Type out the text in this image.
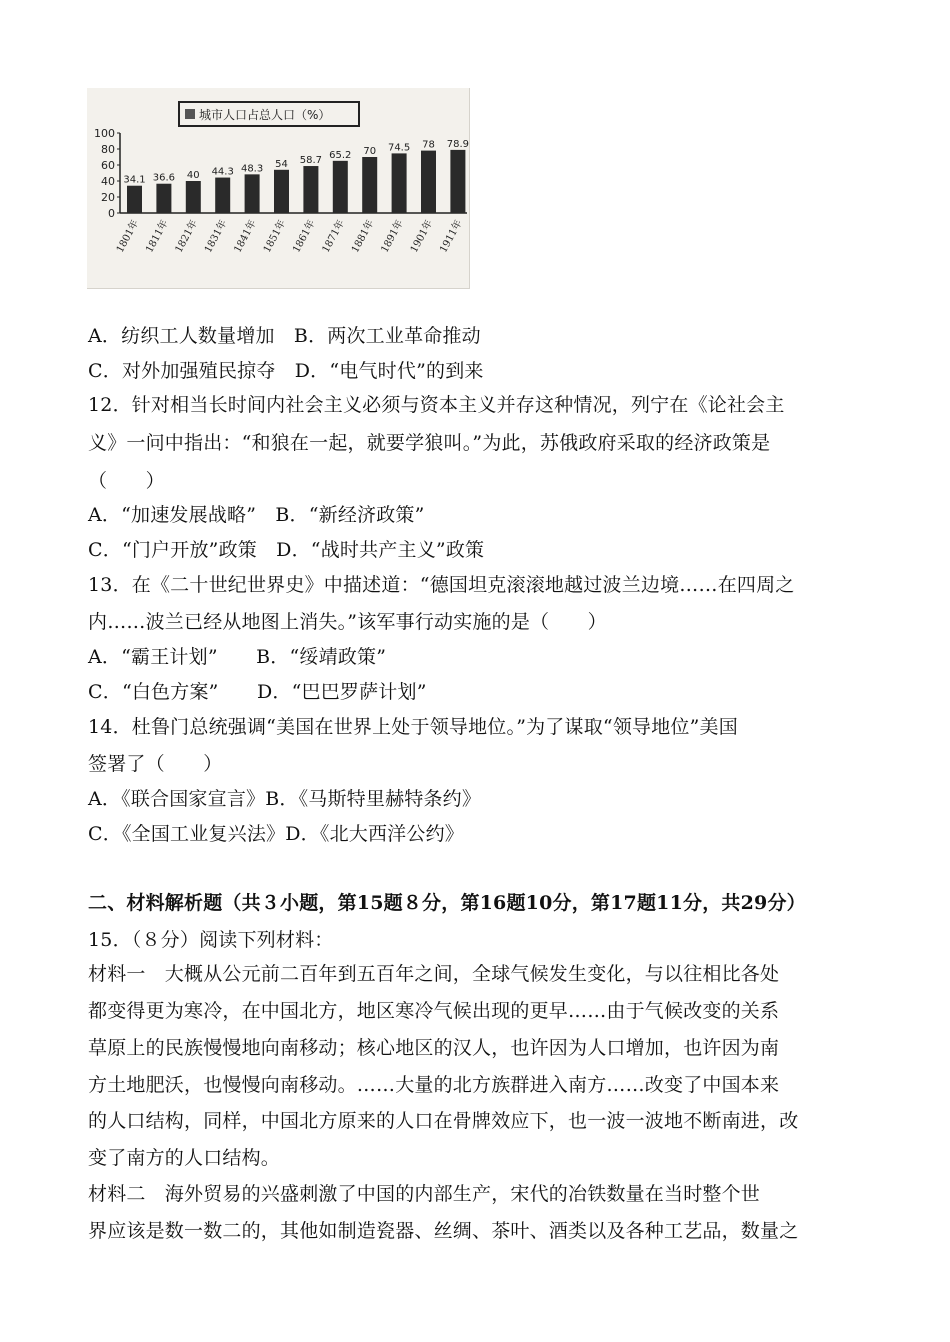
城市人口占总人口（%）
100
80
60
40
20
0
34.1 36.6 40 44.3 48.3 54 58.7 65.2 70 74.5 78 78.9
1801年 1811年 1821年 1831年 1841年 1851年 1861年 1871年 1881年 1891年 1901年 1911年
A．纺织工人数量增加　B．两次工业革命推动
C．对外加强殖民掠夺　D．“电气时代”的到来
12．针对相当长时间内社会主义必须与资本主义并存这种情况，列宁在《论社会主
义》一问中指出：“和狼在一起，就要学狼叫。”为此，苏俄政府采取的经济政策是
（　　）
A．“加速发展战略”　B．“新经济政策”
C．“门户开放”政策　D．“战时共产主义”政策
13．在《二十世纪世界史》中描述道：“德国坦克滚滚地越过波兰边境……在四周之
内……波兰已经从地图上消失。”该军事行动实施的是（　　）
A．“霸王计划”　　B．“绥靖政策”
C．“白色方案”　　D．“巴巴罗萨计划”
14．杜鲁门总统强调“美国在世界上处于领导地位。”为了谋取“领导地位”美国
签署了（　　）
A．《联合国家宣言》B．《马斯特里赫特条约》
C．《全国工业复兴法》D．《北大西洋公约》
二、材料解析题（共３小题，第15题８分，第16题10分，第17题11分，共29分）
15．（８分）阅读下列材料：
材料一　大概从公元前二百年到五百年之间，全球气候发生变化，与以往相比各处
都变得更为寒冷，在中国北方，地区寒冷气候出现的更早……由于气候改变的关系
草原上的民族慢慢地向南移动；核心地区的汉人，也许因为人口增加，也许因为南
方土地肥沃，也慢慢向南移动。……大量的北方族群进入南方……改变了中国本来
的人口结构，同样，中国北方原来的人口在骨牌效应下，也一波一波地不断南进，改
变了南方的人口结构。
材料二　海外贸易的兴盛刺激了中国的内部生产，宋代的冶铁数量在当时整个世
界应该是数一数二的，其他如制造瓷器、丝绸、茶叶、酒类以及各种工艺品，数量之
